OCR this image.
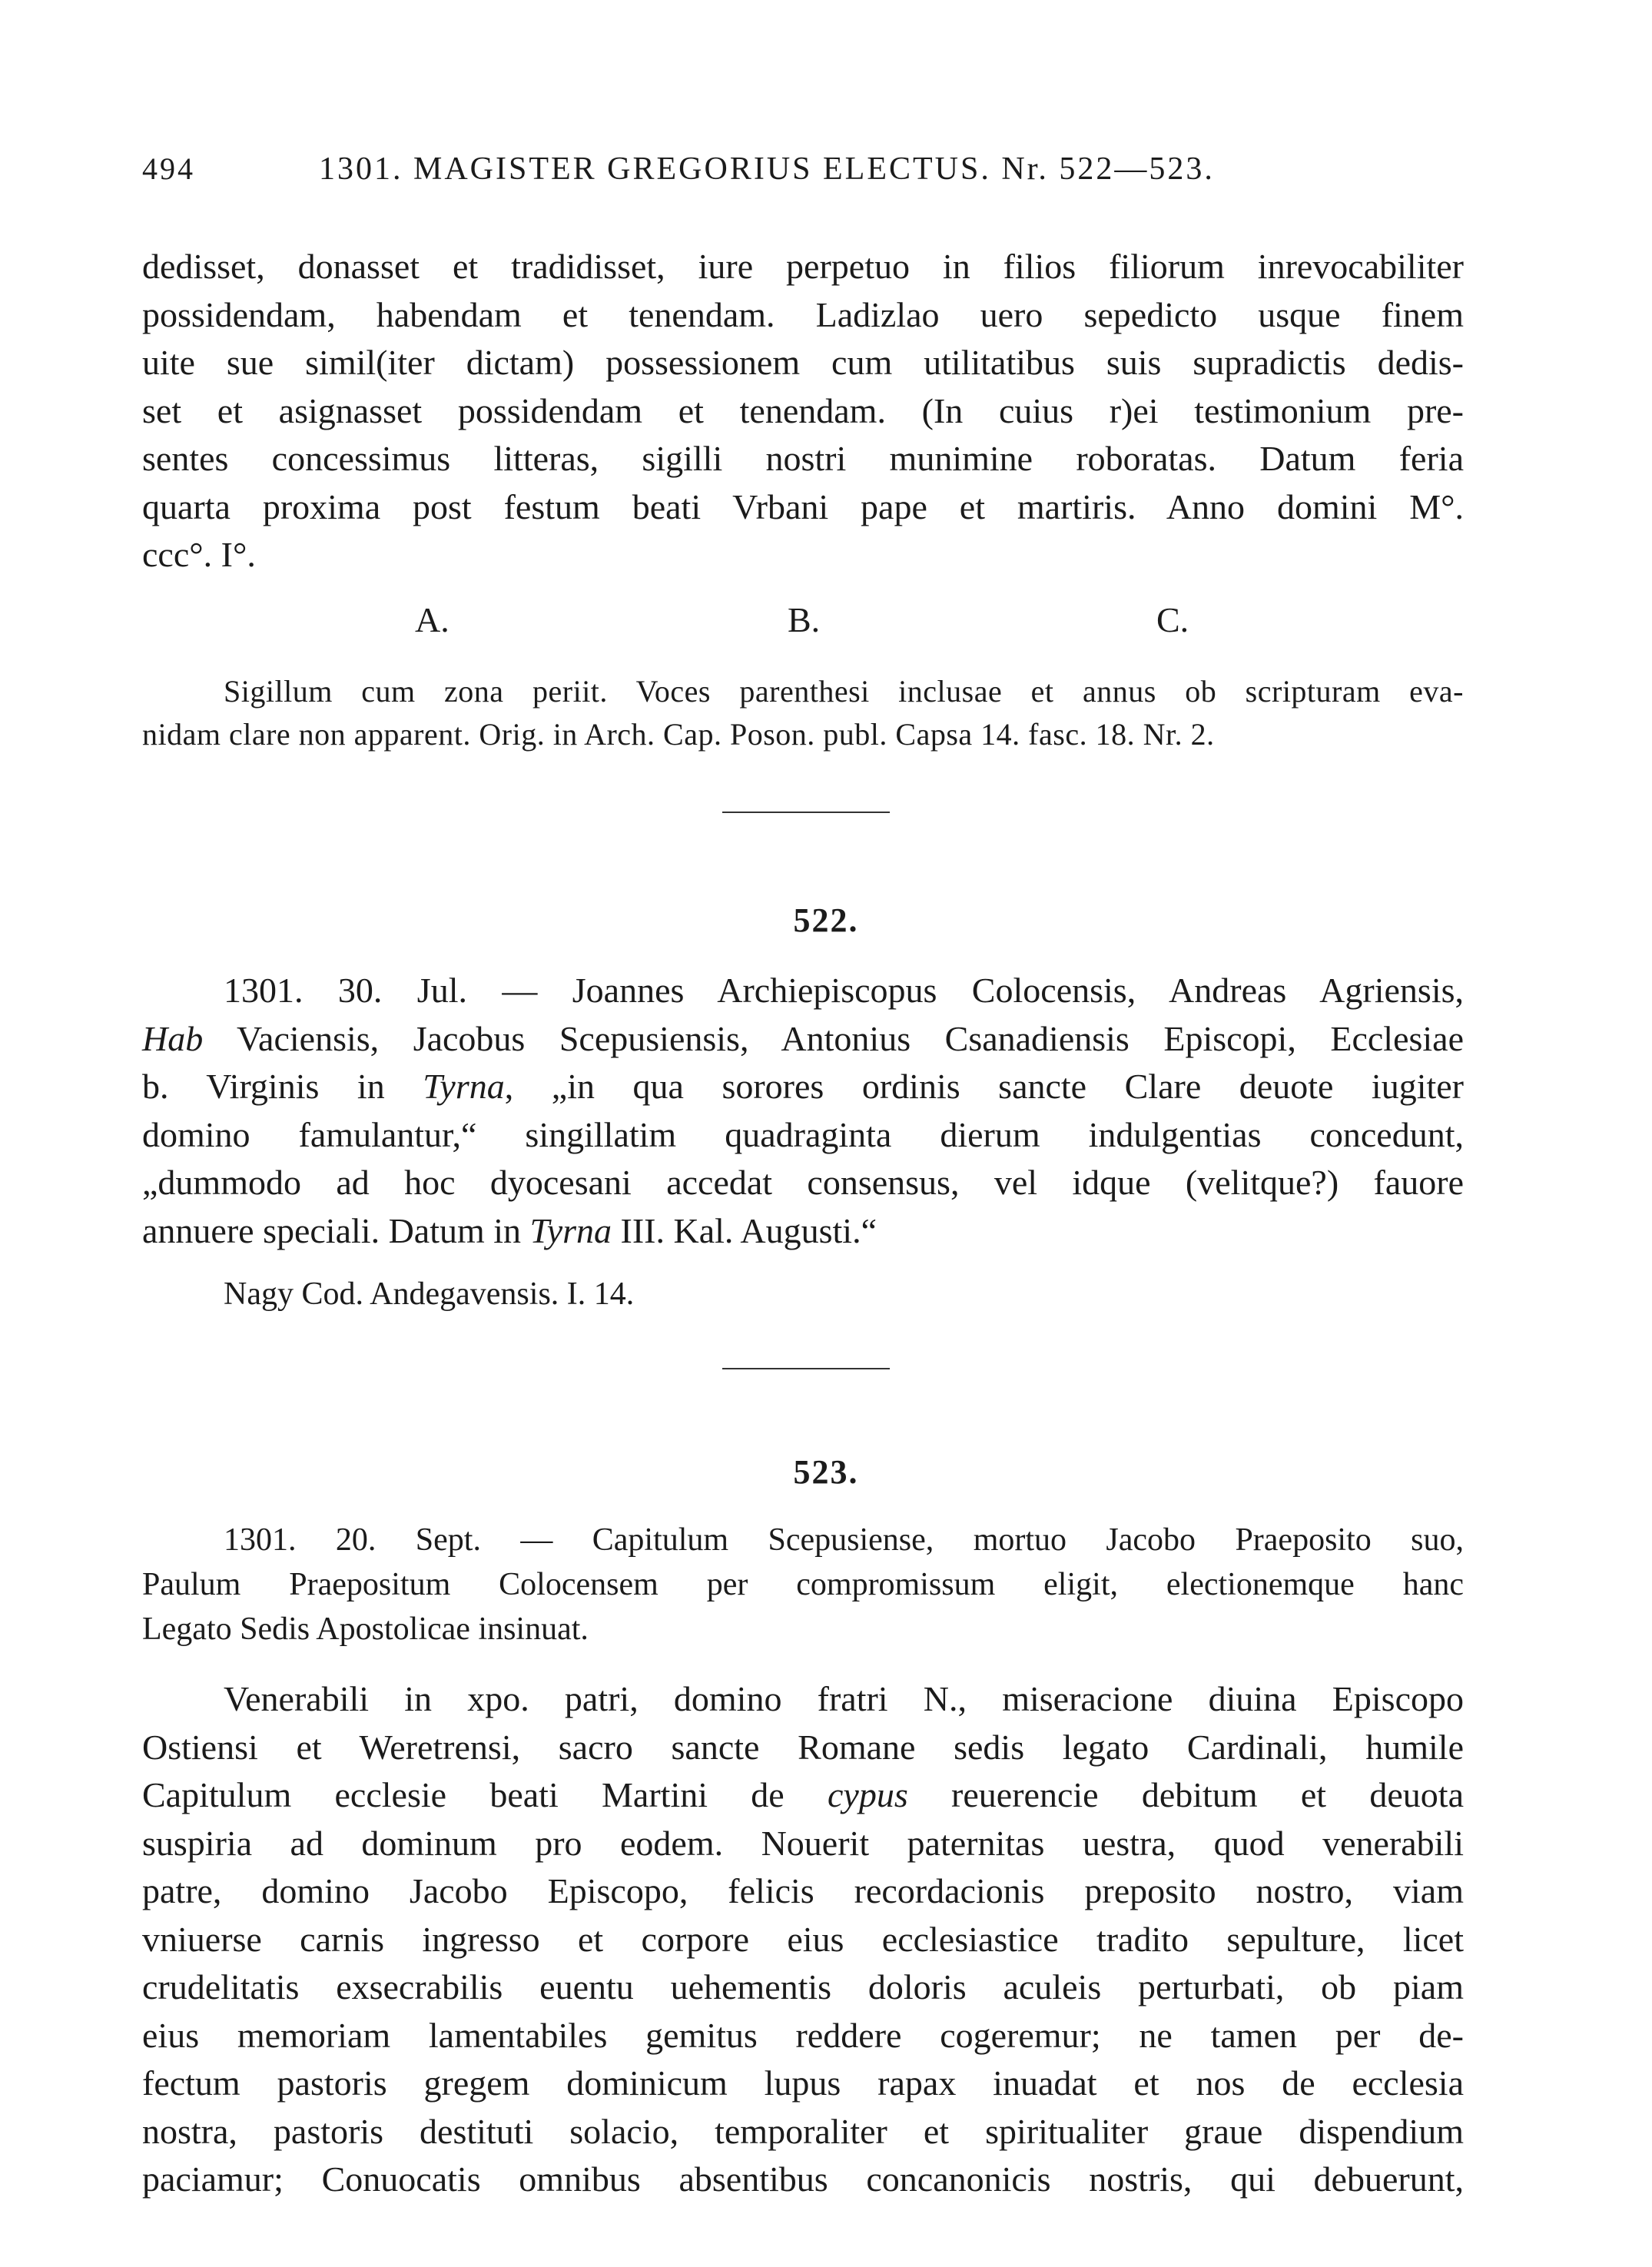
494	1301. MAGISTER GREGORIUS ELECTUS. Nr. 522—523.
dedisset, donasset et tradidisset, iure perpetuo in filios filiorum inrevocabiliter
possidendam, habendam et tenendam. Ladizlao uero sepedicto usque finem
uite sue simil(iter dictam) possessionem cum utilitatibus suis supradictis dedis-
set et asignasset possidendam et tenendam. (In cuius r)ei testimonium pre-
sentes concessimus litteras, sigilli nostri munimine roboratas. Datum feria
quarta proxima post festum beati Vrbani pape et martiris. Anno domini M°.
ccc°. I°.
A.	B.	C.
Sigillum cum zona periit. Voces parenthesi inclusae et annus ob scripturam eva-
nidam clare non apparent. Orig. in Arch. Cap. Poson. publ. Capsa 14. fasc. 18. Nr. 2.
522.
1301. 30. Jul. — Joannes Archiepiscopus Colocensis, Andreas Agriensis,
Hab Vaciensis, Jacobus Scepusiensis, Antonius Csanadiensis Episcopi, Ecclesiae
b. Virginis in Tyrna, „in qua sorores ordinis sancte Clare deuote iugiter
domino famulantur,“ singillatim quadraginta dierum indulgentias concedunt,
„dummodo ad hoc dyocesani accedat consensus, vel idque (velitque?) fauore
annuere speciali. Datum in Tyrna III. Kal. Augusti.“
Nagy Cod. Andegavensis. I. 14.
523.
1301. 20. Sept. — Capitulum Scepusiense, mortuo Jacobo Praeposito suo,
Paulum Praepositum Colocensem per compromissum eligit, electionemque hanc
Legato Sedis Apostolicae insinuat.
Venerabili in xpo. patri, domino fratri N., miseracione diuina Episcopo
Ostiensi et Weretrensi, sacro sancte Romane sedis legato Cardinali, humile
Capitulum ecclesie beati Martini de cypus reuerencie debitum et deuota
suspiria ad dominum pro eodem. Nouerit paternitas uestra, quod venerabili
patre, domino Jacobo Episcopo, felicis recordacionis preposito nostro, viam
vniuerse carnis ingresso et corpore eius ecclesiastice tradito sepulture, licet
crudelitatis exsecrabilis euentu uehementis doloris aculeis perturbati, ob piam
eius memoriam lamentabiles gemitus reddere cogeremur; ne tamen per de-
fectum pastoris gregem dominicum lupus rapax inuadat et nos de ecclesia
nostra, pastoris destituti solacio, temporaliter et spiritualiter graue dispendium
paciamur; Conuocatis omnibus absentibus concanonicis nostris, qui debuerunt,
